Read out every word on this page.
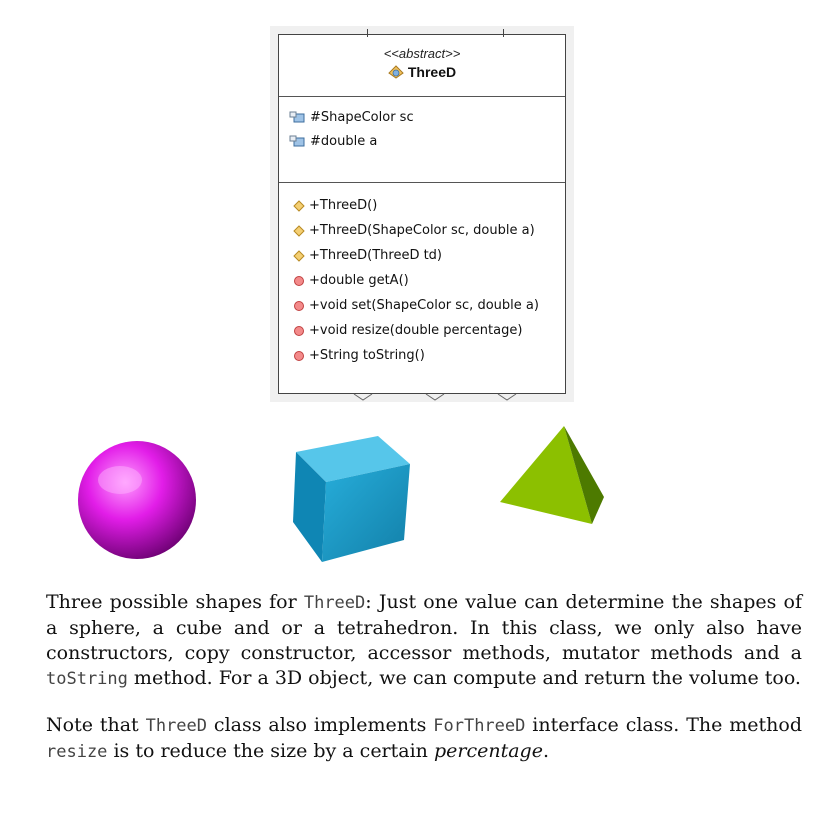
<<abstract>>
ThreeD
#ShapeColor sc
#double a
+ThreeD()
+ThreeD(ShapeColor sc, double a)
+ThreeD(ThreeD td)
+double getA()
+void set(ShapeColor sc, double a)
+void resize(double percentage)
+String toString()

Three possible shapes for ThreeD: Just one value can determine the shapes of a sphere, a cube and or a tetrahedron. In this class, we only also have constructors, copy constructor, accessor methods, mutator methods and a toString method. For a 3D object, we can compute and return the volume too.

Note that ThreeD class also implements ForThreeD interface class. The method resize is to reduce the size by a certain percentage.
